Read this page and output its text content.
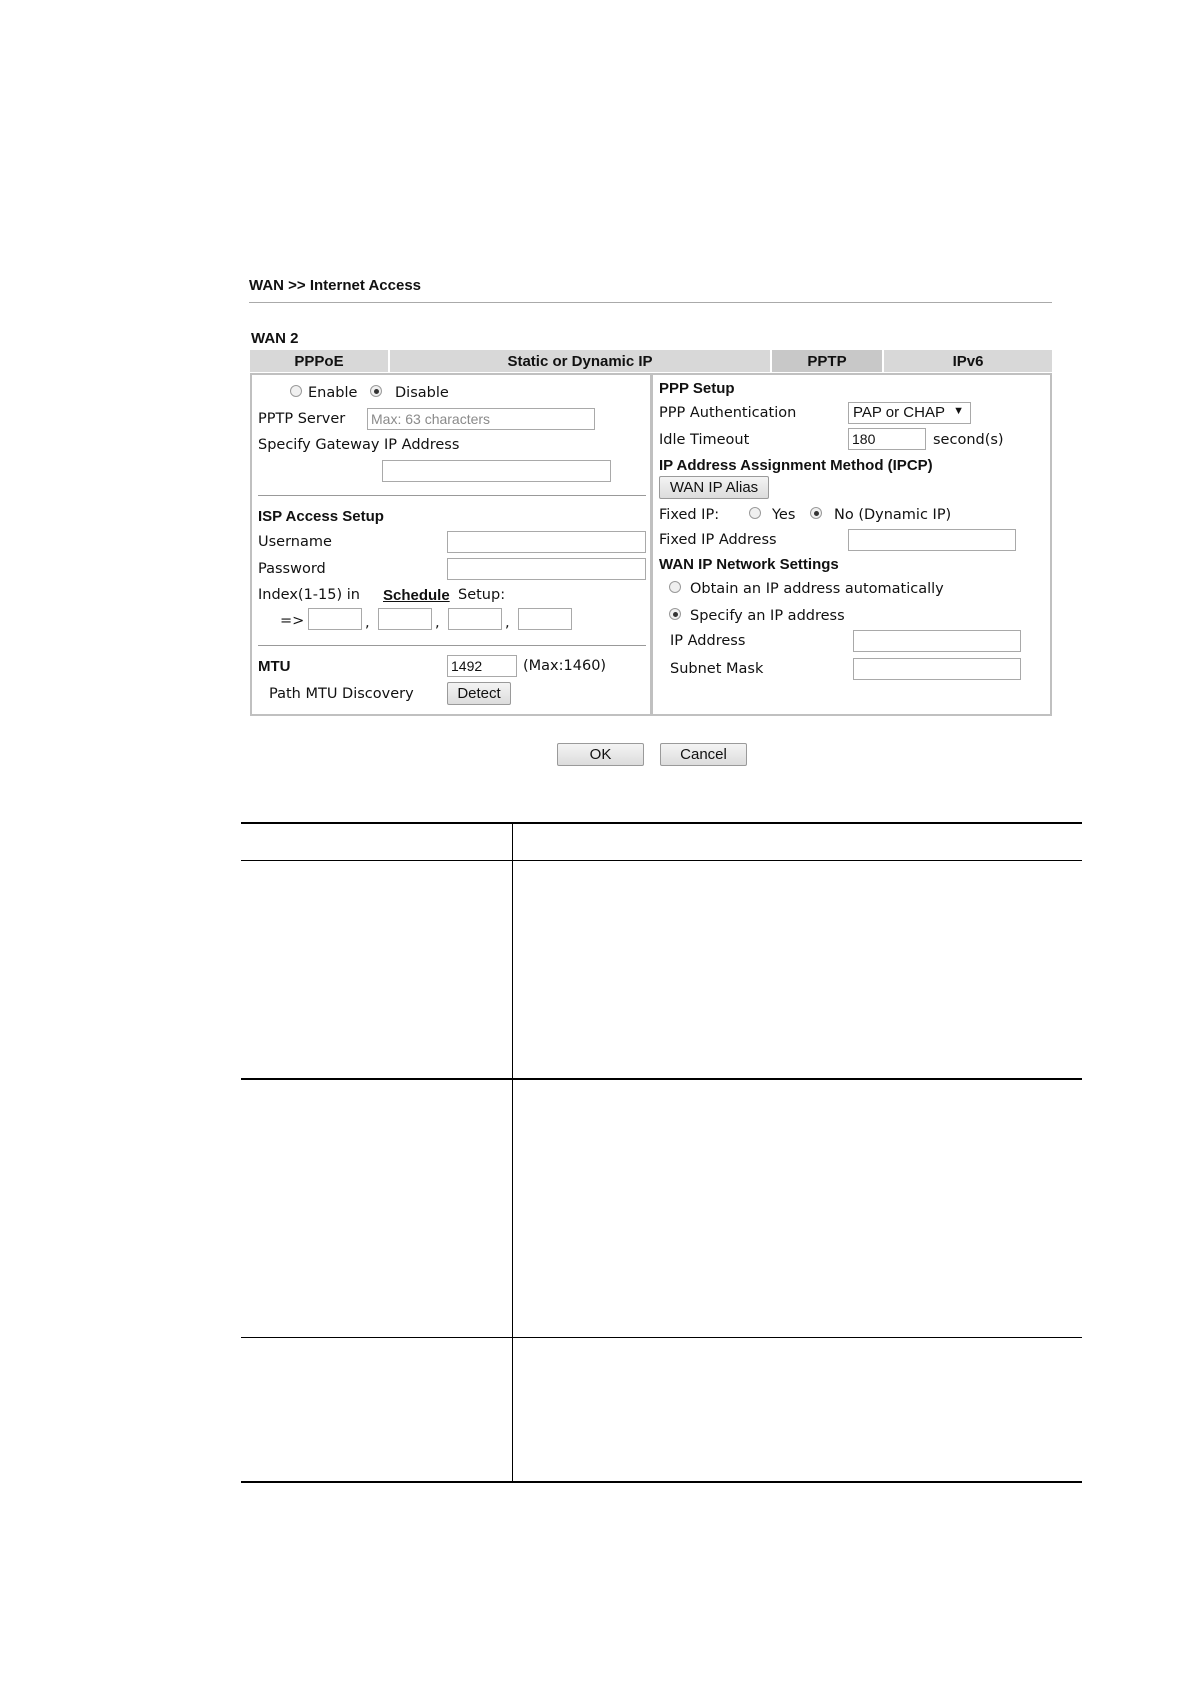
WAN >> Internet Access
WAN 2
PPPoE	Static or Dynamic IP	PPTP	IPv6
Enable	Disable
PPTP Server Max: 63 characters
Specify Gateway IP Address
ISP Access Setup
Username
Password
Index(1-15) in Schedule Setup:
=>	,	,	,
MTU	1492	(Max:1460)
Path MTU Discovery	Detect
PPP Setup
PPP Authentication	PAP or CHAP ▼
Idle Timeout	180	second(s)
IP Address Assignment Method (IPCP)
WAN IP Alias
Fixed IP:	Yes	No (Dynamic IP)
Fixed IP Address
WAN IP Network Settings
Obtain an IP address automatically
Specify an IP address
IP Address
Subnet Mask
OK	Cancel
